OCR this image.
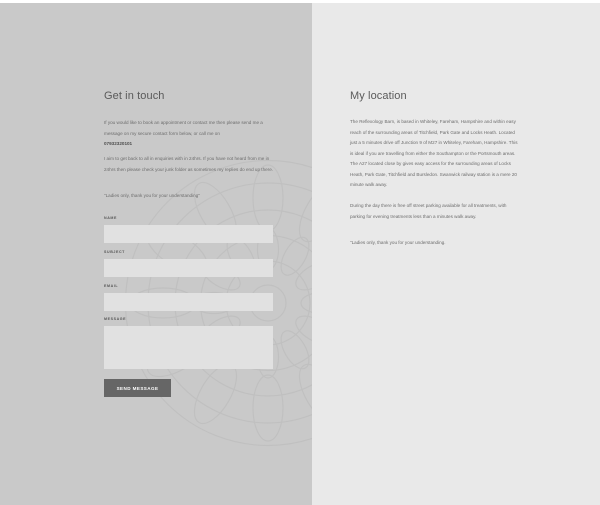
Get in touch

If you would like to book an appointment or contact me then please send me a message on my secure contact form below, or call me on
07932320101

I aim to get back to all in enquiries with in 24hrs. If you have not heard from me in 24hrs then please check your junk folder as sometimes my replies do end up there.

"Ladies only, thank you for your understanding"

NAME
SUBJECT
EMAIL
MESSAGE
SEND MESSAGE
My location

The Reflexology Barn, is based in Whiteley, Fareham, Hampshire and within easy reach of the surrounding areas of Titchfield, Park Gate and Locks Heath. Located just a 5 minutes drive off Junction 9 of M27 in Whiteley, Fareham, Hampshire. This is ideal if you are travelling from either the Southampton or the Portsmouth areas. The A27 located close by gives easy access for the surrounding areas of Locks Heath, Park Gate, Titchfield and Bursledon. Swanwick railway station is a mere 20 minute walk away.

During the day there is free off street parking available for all treatments, with parking for evening treatments less than a minutes walk away.

"Ladies only, thank you for your understanding.
